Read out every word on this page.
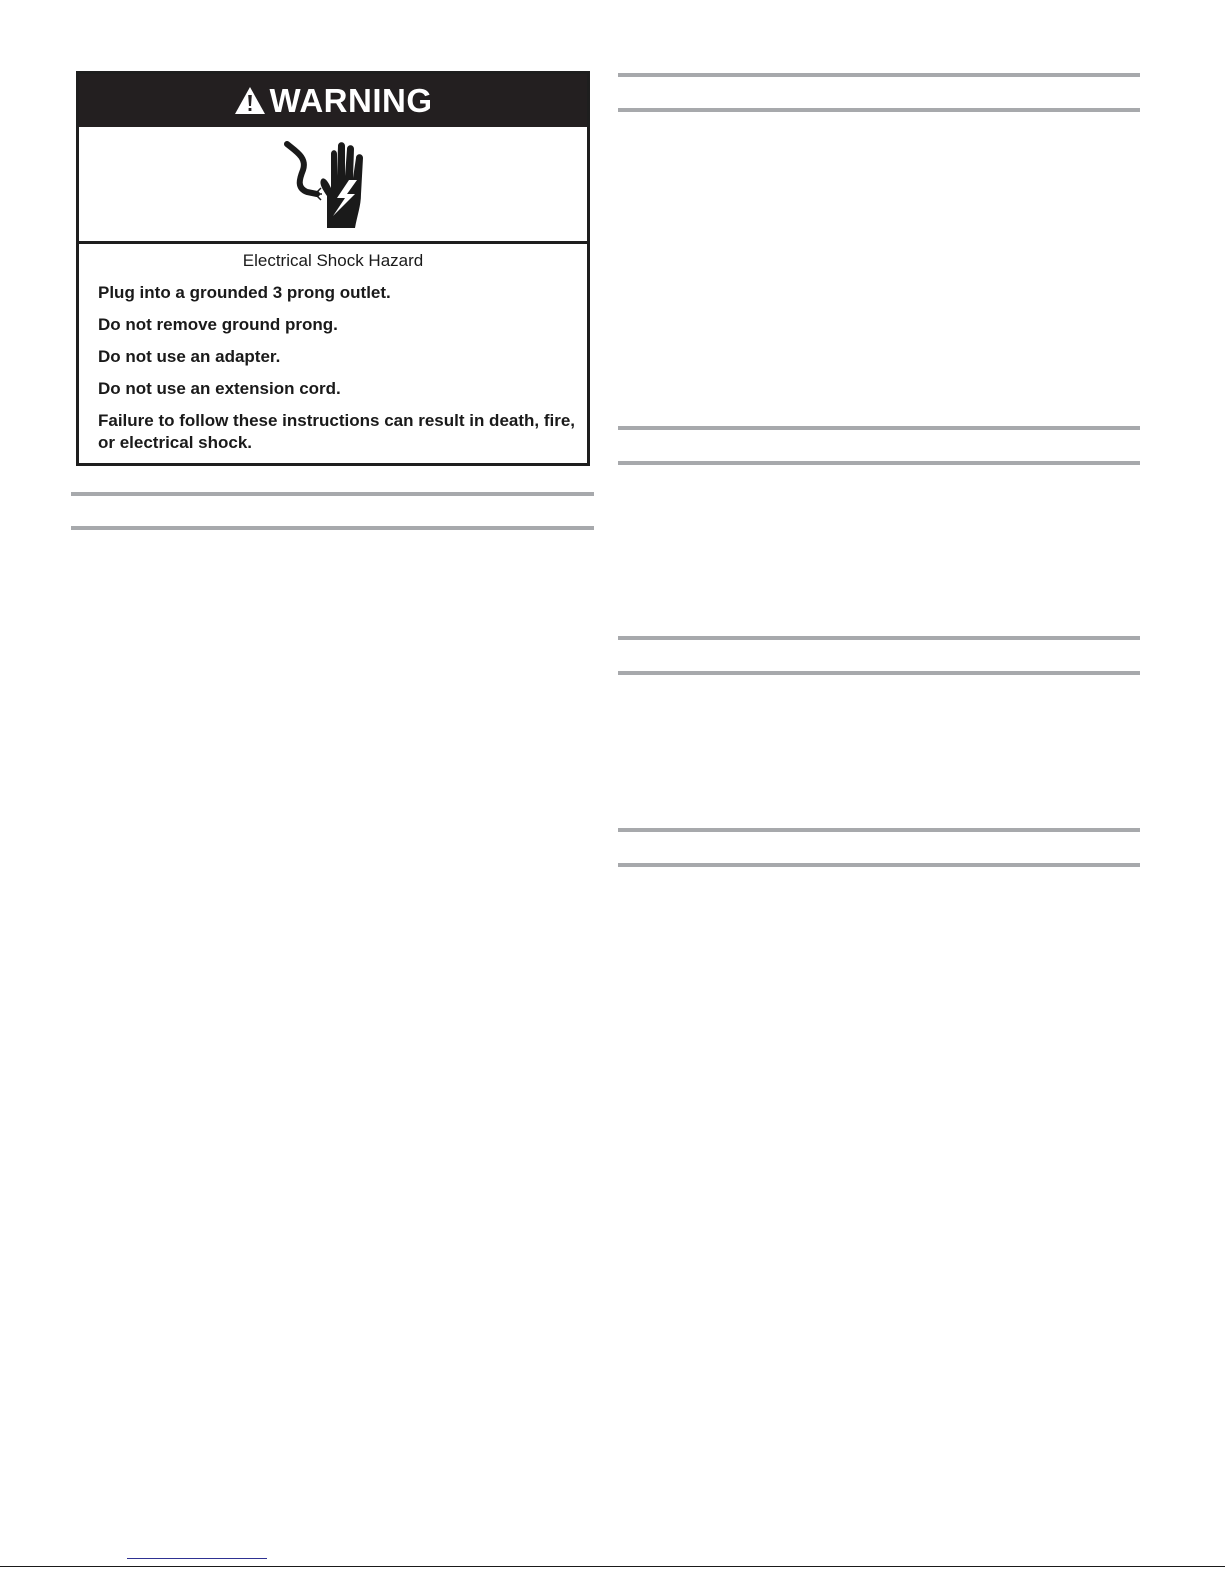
WARNING
Electrical Shock Hazard
Plug into a grounded 3 prong outlet.
Do not remove ground prong.
Do not use an adapter.
Do not use an extension cord.
Failure to follow these instructions can result in death, fire, or electrical shock.
